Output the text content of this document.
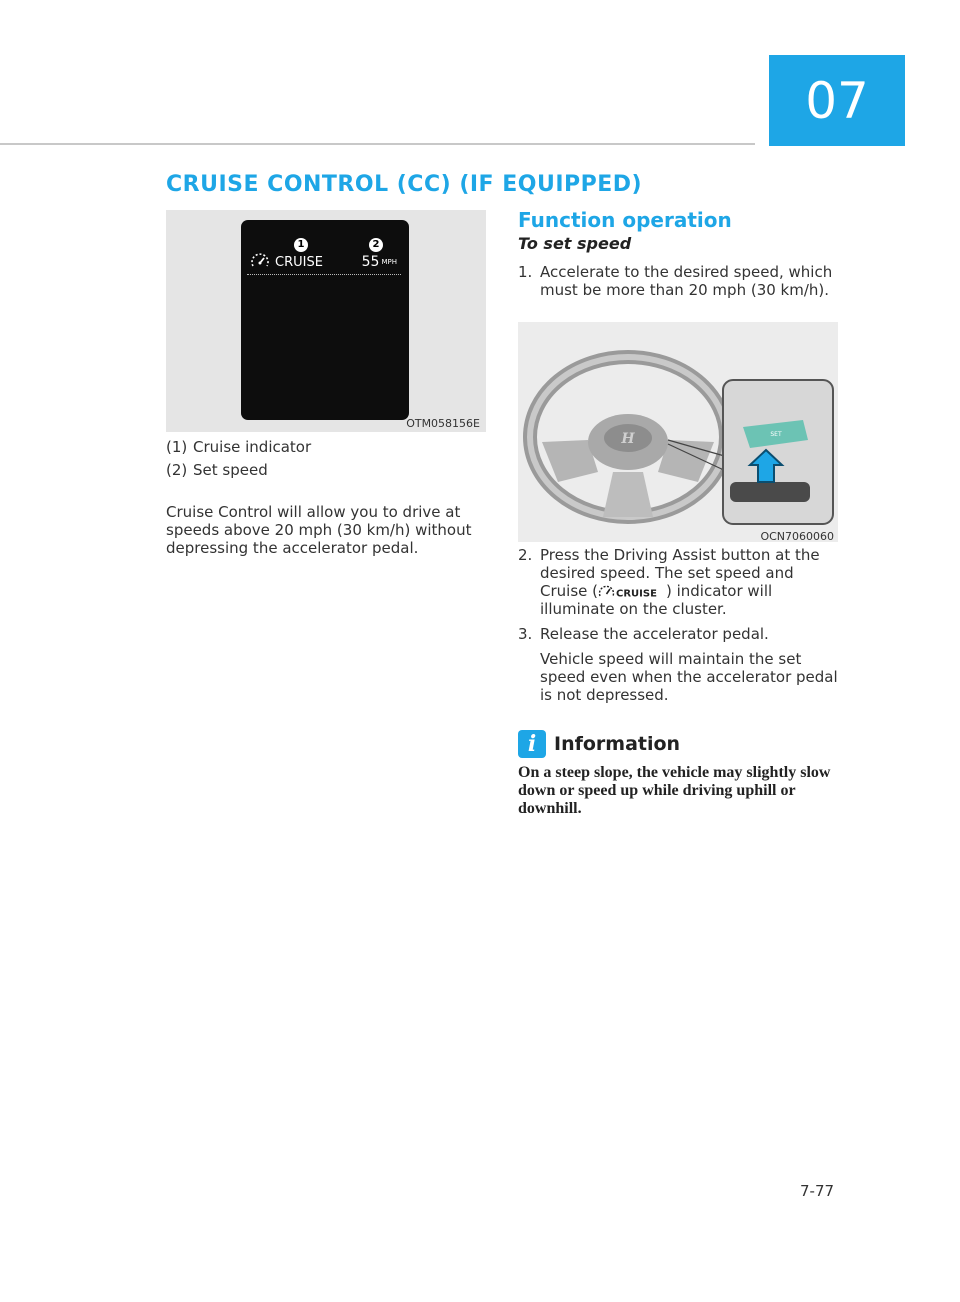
07
CRUISE CONTROL (CC) (IF EQUIPPED)
1	2
CRUISE	55 MPH
OTM058156E
(1) Cruise indicator
(2) Set speed

Cruise Control will allow you to drive at speeds above 20 mph (30 km/h) without depressing the accelerator pedal.

Function operation
To set speed
1. Accelerate to the desired speed, which must be more than 20 mph (30 km/h).
H	SET
OCN7060060
2. Press the Driving Assist button at the desired speed. The set speed and Cruise ( CRUISE ) indicator will illuminate on the cluster.
3. Release the accelerator pedal.

Vehicle speed will maintain the set speed even when the accelerator pedal is not depressed.

i Information

On a steep slope, the vehicle may slightly slow down or speed up while driving uphill or downhill.

7-77
